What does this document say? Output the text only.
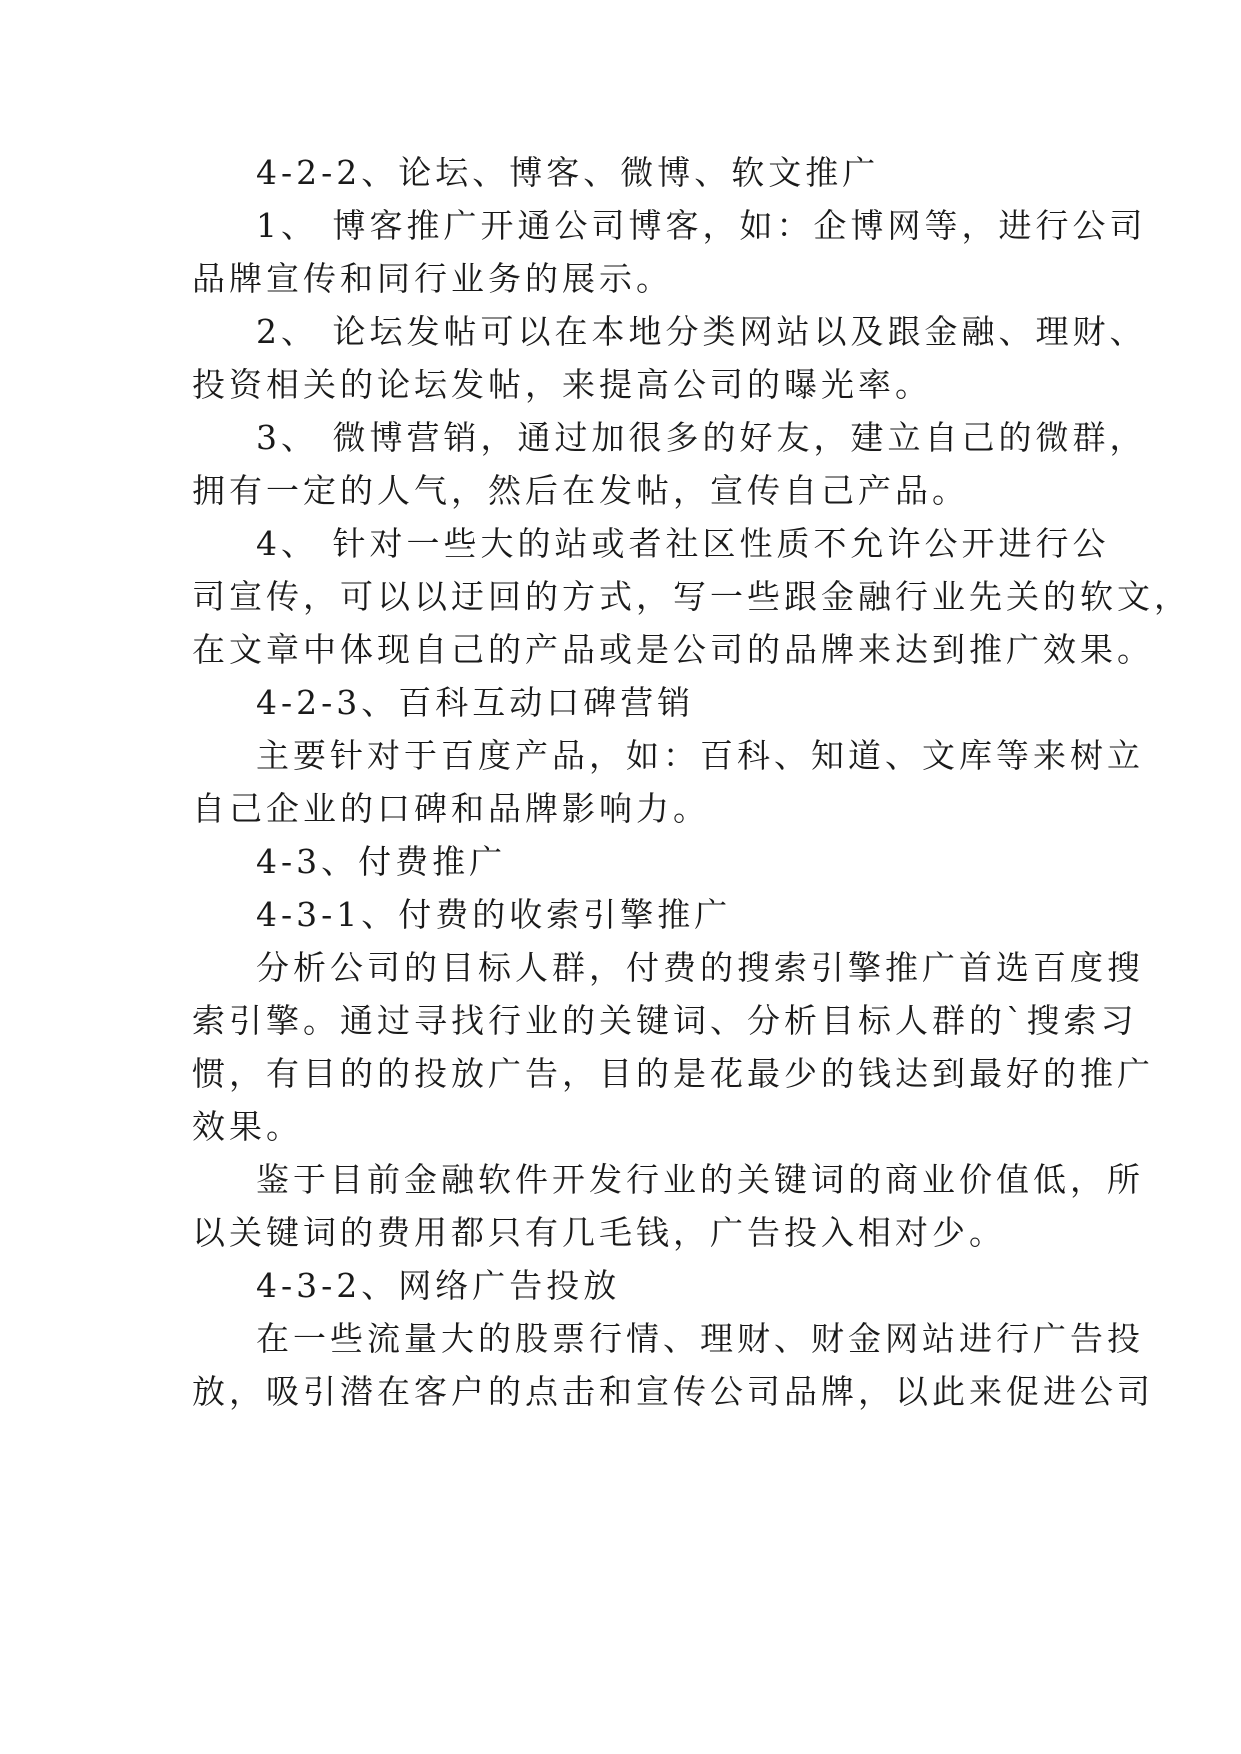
4-2-2、论坛、博客、微博、软文推广
1、 博客推广开通公司博客，如：企博网等，进行公司
品牌宣传和同行业务的展示。
2、 论坛发帖可以在本地分类网站以及跟金融、理财、
投资相关的论坛发帖，来提高公司的曝光率。
3、 微博营销，通过加很多的好友，建立自己的微群，
拥有一定的人气，然后在发帖，宣传自己产品。
4、 针对一些大的站或者社区性质不允许公开进行公
司宣传，可以以迂回的方式，写一些跟金融行业先关的软文，
在文章中体现自己的产品或是公司的品牌来达到推广效果。
4-2-3、百科互动口碑营销
主要针对于百度产品，如：百科、知道、文库等来树立
自己企业的口碑和品牌影响力。
4-3、付费推广
4-3-1、付费的收索引擎推广
分析公司的目标人群，付费的搜索引擎推广首选百度搜
索引擎。通过寻找行业的关键词、分析目标人群的`搜索习
惯，有目的的投放广告，目的是花最少的钱达到最好的推广
效果。
鉴于目前金融软件开发行业的关键词的商业价值低，所
以关键词的费用都只有几毛钱，广告投入相对少。
4-3-2、网络广告投放
在一些流量大的股票行情、理财、财金网站进行广告投
放，吸引潜在客户的点击和宣传公司品牌，以此来促进公司
